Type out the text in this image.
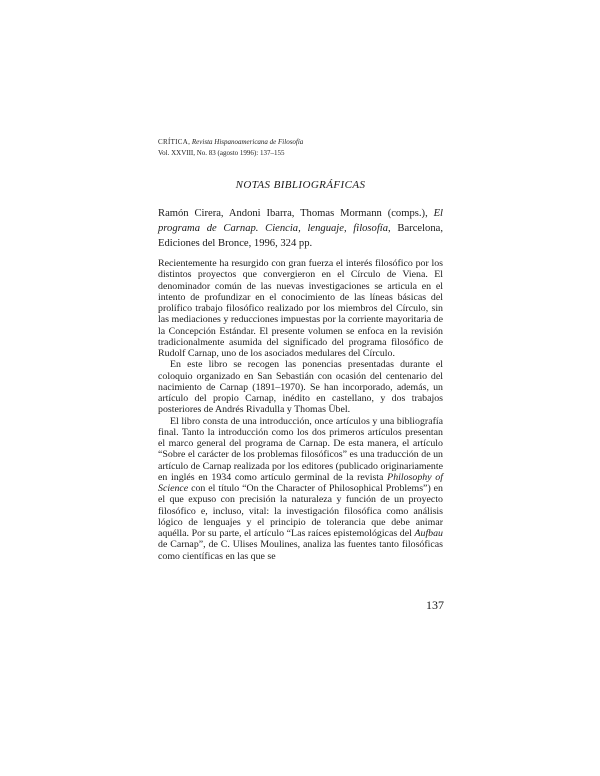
CRÍTICA, Revista Hispanoamericana de Filosofía
Vol. XXVIII, No. 83 (agosto 1996): 137–155
NOTAS BIBLIOGRÁFICAS
Ramón Cirera, Andoni Ibarra, Thomas Mormann (comps.), El programa de Carnap. Ciencia, lenguaje, filosofía, Barcelona, Ediciones del Bronce, 1996, 324 pp.

Recientemente ha resurgido con gran fuerza el interés filosófico por los distintos proyectos que convergieron en el Círculo de Viena. El denominador común de las nuevas investigaciones se articula en el intento de profundizar en el conocimiento de las líneas básicas del prolífico trabajo filosófico realizado por los miembros del Círculo, sin las mediaciones y reducciones impuestas por la corriente mayoritaria de la Concepción Estándar. El presente volumen se enfoca en la revisión tradicionalmente asumida del significado del programa filosófico de Rudolf Carnap, uno de los asociados medulares del Círculo.

En este libro se recogen las ponencias presentadas durante el coloquio organizado en San Sebastián con ocasión del centenario del nacimiento de Carnap (1891–1970). Se han incorporado, además, un artículo del propio Carnap, inédito en castellano, y dos trabajos posteriores de Andrés Rivadulla y Thomas Übel.

El libro consta de una introducción, once artículos y una bibliografía final. Tanto la introducción como los dos primeros artículos presentan el marco general del programa de Carnap. De esta manera, el artículo “Sobre el carácter de los problemas filosóficos” es una traducción de un artículo de Carnap realizada por los editores (publicado originariamente en inglés en 1934 como artículo germinal de la revista Philosophy of Science con el título “On the Character of Philosophical Problems”) en el que expuso con precisión la naturaleza y función de un proyecto filosófico e, incluso, vital: la investigación filosófica como análisis lógico de lenguajes y el principio de tolerancia que debe animar aquélla. Por su parte, el artículo “Las raíces epistemológicas del Aufbau de Carnap”, de C. Ulises Moulines, analiza las fuentes tanto filosóficas como científicas en las que se

137
